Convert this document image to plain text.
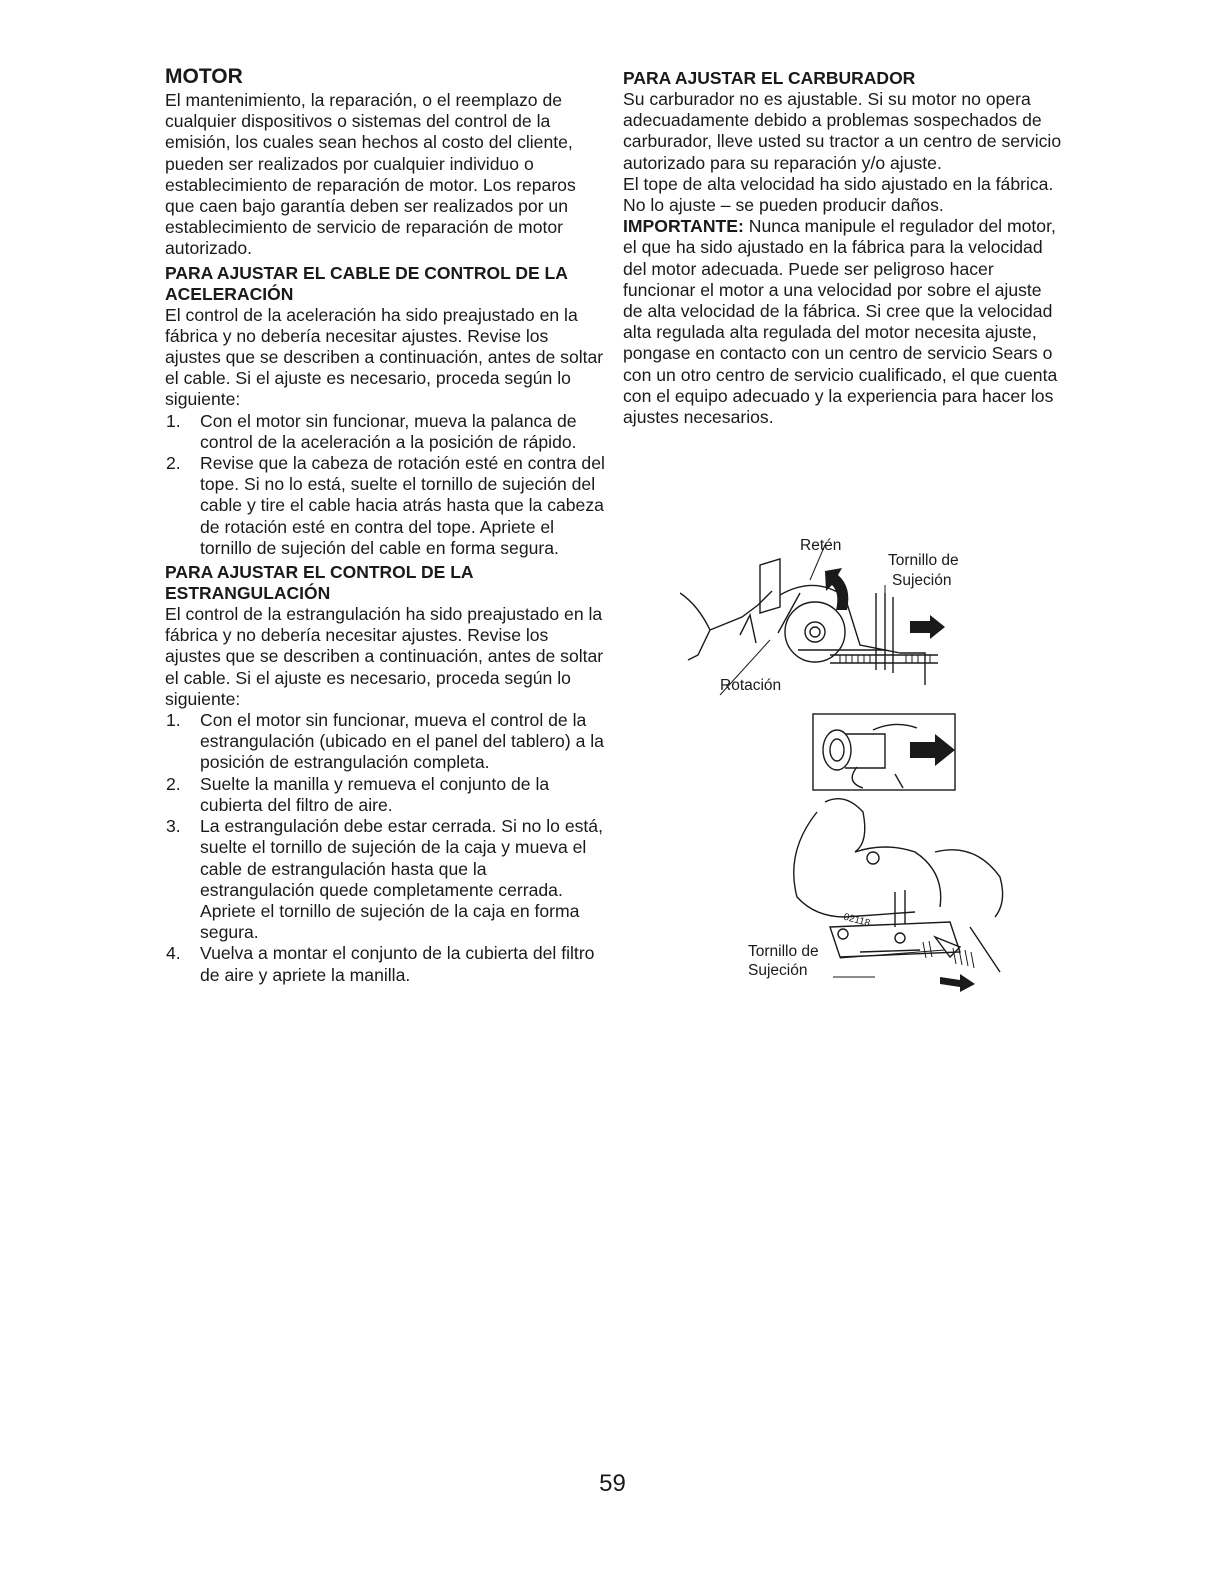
MOTOR

El mantenimiento, la reparación, o el reemplazo de cualquier dispositivos o sistemas del control de la emisión, los cuales sean hechos al costo del cliente, pueden ser realizados por cualquier individuo o establecimiento de reparación de motor. Los reparos que caen bajo garantía deben ser realizados por un establecimiento de servicio de reparación de motor autorizado.

PARA AJUSTAR EL CABLE DE CONTROL DE LA ACELERACIÓN

El control de la aceleración ha sido preajustado en la fábrica y no debería necesitar ajustes. Revise los ajustes que se describen a continuación, antes de soltar el cable. Si el ajuste es necesario, proceda según lo siguiente:

1. Con el motor sin funcionar, mueva la palanca de control de la aceleración a la posición de rápido.
2. Revise que la cabeza de rotación esté en contra del tope. Si no lo está, suelte el tornillo de sujeción del cable y tire el cable hacia atrás hasta que la cabeza de rotación esté en contra del tope. Apriete el tornillo de sujeción del cable en forma segura.
PARA AJUSTAR EL CONTROL DE LA ESTRANGULACIÓN

El control de la estrangulación ha sido preajustado en la fábrica y no debería necesitar ajustes. Revise los ajustes que se describen a continuación, antes de soltar el cable. Si el ajuste es necesario, proceda según lo siguiente:

1. Con el motor sin funcionar, mueva el control de la estrangulación (ubicado en el panel del tablero) a la posición de estrangulación completa.
2. Suelte la manilla y remueva el conjunto de la cubierta del filtro de aire.
3. La estrangulación debe estar cerrada. Si no lo está, suelte el tornillo de sujeción de la caja y mueva el cable de estrangulación hasta que la estrangulación quede completamente cerrada. Apriete el tornillo de sujeción de la caja en forma segura.
4. Vuelva a montar el conjunto de la cubierta del filtro de aire y apriete la manilla.
PARA AJUSTAR EL CARBURADOR

Su carburador no es ajustable. Si su motor no opera adecuadamente debido a problemas sospechados de carburador, lleve usted su tractor a un centro de servicio autorizado para su reparación y/o ajuste.

El tope de alta velocidad ha sido ajustado en la fábrica. No lo ajuste – se pueden producir daños.

IMPORTANTE: Nunca manipule el regulador del motor, el que ha sido ajustado en la fábrica para la velocidad del motor adecuada. Puede ser peligroso hacer funcionar el motor a una velocidad por sobre el ajuste de alta velocidad de la fábrica. Si cree que la velocidad alta regulada alta regulada del motor necesita ajuste, pongase en contacto con un centro de servicio Sears o con un otro centro de servicio cualificado, el que cuenta con el equipo adecuado y la experiencia para hacer los ajustes necesarios.

Retén
Tornillo de
Sujeción
Rotación
02118
Tornillo de
Sujeción
59
